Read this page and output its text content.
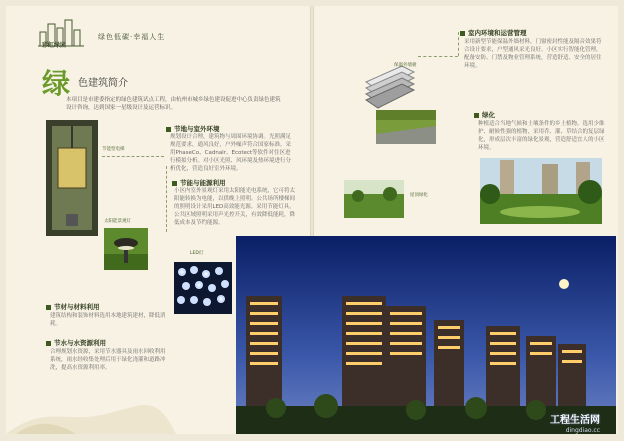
彩虹绿园
绿色低碳·幸福人生
绿 色建筑简介
本项目是市建委指定的绿色建筑试点工程，由杭州市城乡绿色建设促进中心负责绿色建筑设计咨询，达到国家一星级设计及运营标识。
节能型电梯
节地与室外环境
规划设计合理，建筑物与周围环境协调。光照满足规范要求，通风良好，户外噪声符合国家标准。采用PhaseCo、Cadnalr、Ecotect等软件对住区进行模拟分析。对小区光照、风环境及热环境进行分析优化，营造良好室外环境。
太阳能景观灯
节能与能源利用
小区内室外景观灯采用太阳能光电系统，它可将太阳能转换为电能，以供晚上照明。公共场所楼梯间的照明设计采用LED高效能光源。采用节能灯具，公共区域照明采用声光控开关，有效降低能耗，降低成本及节约能源。
LED灯
节材与材料利用
建筑结构和装饰材料选用本地建筑建材，降低消耗。
节水与水资源利用
合理规划水资源，采用节水器具及雨水回收利用系统，雨水经收集处理后用于绿化浇灌和道路冲洗，提高水资源利用率。
保温外墙板
室内环境和运营管理
采用新型节能保温外墙材料，门窗密封性能及隔音效果符合设计要求，户型通风采光良好。小区实行智能化管理，配备安防、门禁及物业管理系统，营造舒适、安全的居住环境。
屋顶绿化
绿化
种植适合当地气候和土壤条件的乡土植物，选用少维护、耐候性强的植物，采用乔、灌、草结合的复层绿化，形成层次丰富的绿化景观，营造舒适宜人的小区环境。
工程生活网
dingdiao.cc
